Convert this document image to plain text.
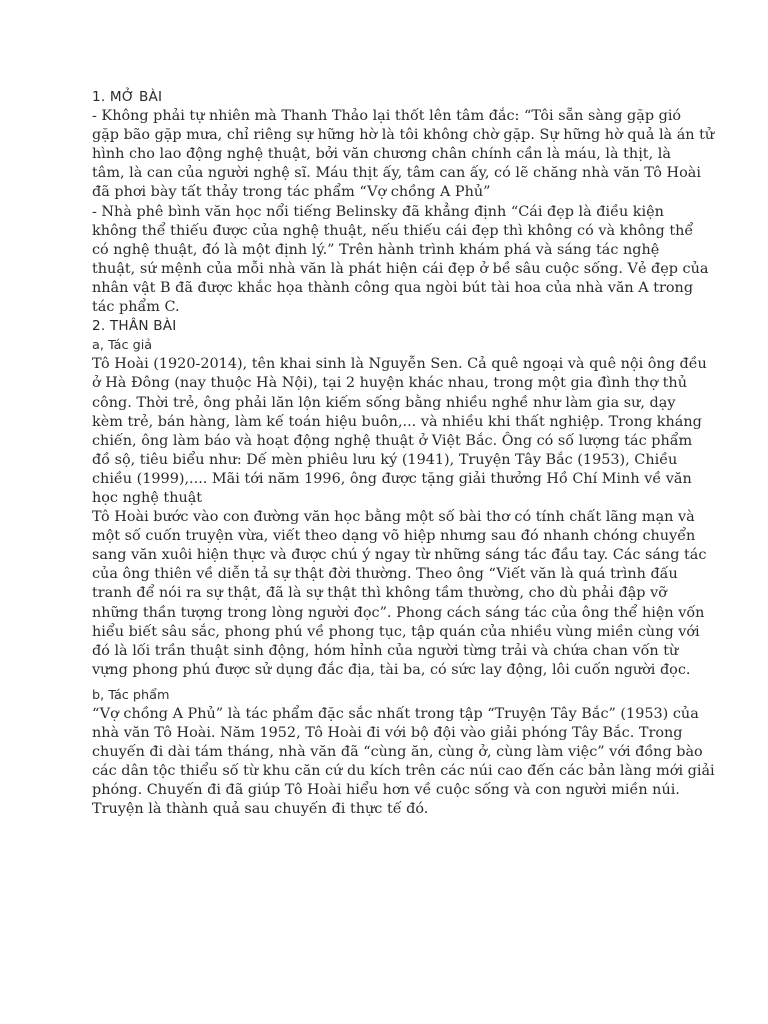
1. MỞ BÀI
- Không phải tự nhiên mà Thanh Thảo lại thốt lên tâm đắc: “Tôi sẵn sàng gặp gió
gặp bão gặp mưa, chỉ riêng sự hững hờ là tôi không chờ gặp. Sự hững hờ quả là án tử
hình cho lao động nghệ thuật, bởi văn chương chân chính cần là máu, là thịt, là
tâm, là can của người nghệ sĩ. Máu thịt ấy, tâm can ấy, có lẽ chăng nhà văn Tô Hoài
đã phơi bày tất thảy trong tác phẩm “Vợ chồng A Phủ”
- Nhà phê bình văn học nổi tiếng Belinsky đã khẳng định “Cái đẹp là điều kiện
không thể thiếu được của nghệ thuật, nếu thiếu cái đẹp thì không có và không thể
có nghệ thuật, đó là một định lý.” Trên hành trình khám phá và sáng tác nghệ
thuật, sứ mệnh của mỗi nhà văn là phát hiện cái đẹp ở bề sâu cuộc sống. Vẻ đẹp của
nhân vật B đã được khắc họa thành công qua ngòi bút tài hoa của nhà văn A trong
tác phẩm C.
2. THÂN BÀI
a, Tác giả
Tô Hoài (1920-2014), tên khai sinh là Nguyễn Sen. Cả quê ngoại và quê nội ông đều
ở Hà Đông (nay thuộc Hà Nội), tại 2 huyện khác nhau, trong một gia đình thợ thủ
công. Thời trẻ, ông phải lăn lộn kiếm sống bằng nhiều nghề như làm gia sư, dạy
kèm trẻ, bán hàng, làm kế toán hiệu buôn,... và nhiều khi thất nghiệp. Trong kháng
chiến, ông làm báo và hoạt động nghệ thuật ở Việt Bắc. Ông có số lượng tác phẩm
đồ sộ, tiêu biểu như: Dế mèn phiêu lưu ký (1941), Truyện Tây Bắc (1953), Chiều
chiều (1999),.... Mãi tới năm 1996, ông được tặng giải thưởng Hồ Chí Minh về văn
học nghệ thuật
Tô Hoài bước vào con đường văn học bằng một số bài thơ có tính chất lãng mạn và
một số cuốn truyện vừa, viết theo dạng võ hiệp nhưng sau đó nhanh chóng chuyển
sang văn xuôi hiện thực và được chú ý ngay từ những sáng tác đầu tay. Các sáng tác
của ông thiên về diễn tả sự thật đời thường. Theo ông “Viết văn là quá trình đấu
tranh để nói ra sự thật, đã là sự thật thì không tầm thường, cho dù phải đập vỡ
những thần tượng trong lòng người đọc”. Phong cách sáng tác của ông thể hiện vốn
hiểu biết sâu sắc, phong phú về phong tục, tập quán của nhiều vùng miền cùng với
đó là lối trần thuật sinh động, hóm hỉnh của người từng trải và chứa chan vốn từ
vựng phong phú được sử dụng đắc địa, tài ba, có sức lay động, lôi cuốn người đọc.
b, Tác phẩm
“Vợ chồng A Phủ” là tác phẩm đặc sắc nhất trong tập “Truyện Tây Bắc” (1953) của
nhà văn Tô Hoài. Năm 1952, Tô Hoài đi với bộ đội vào giải phóng Tây Bắc. Trong
chuyến đi dài tám tháng, nhà văn đã “cùng ăn, cùng ở, cùng làm việc” với đồng bào
các dân tộc thiểu số từ khu căn cứ du kích trên các núi cao đến các bản làng mới giải
phóng. Chuyến đi đã giúp Tô Hoài hiểu hơn về cuộc sống và con người miền núi.
Truyện là thành quả sau chuyến đi thực tế đó.
